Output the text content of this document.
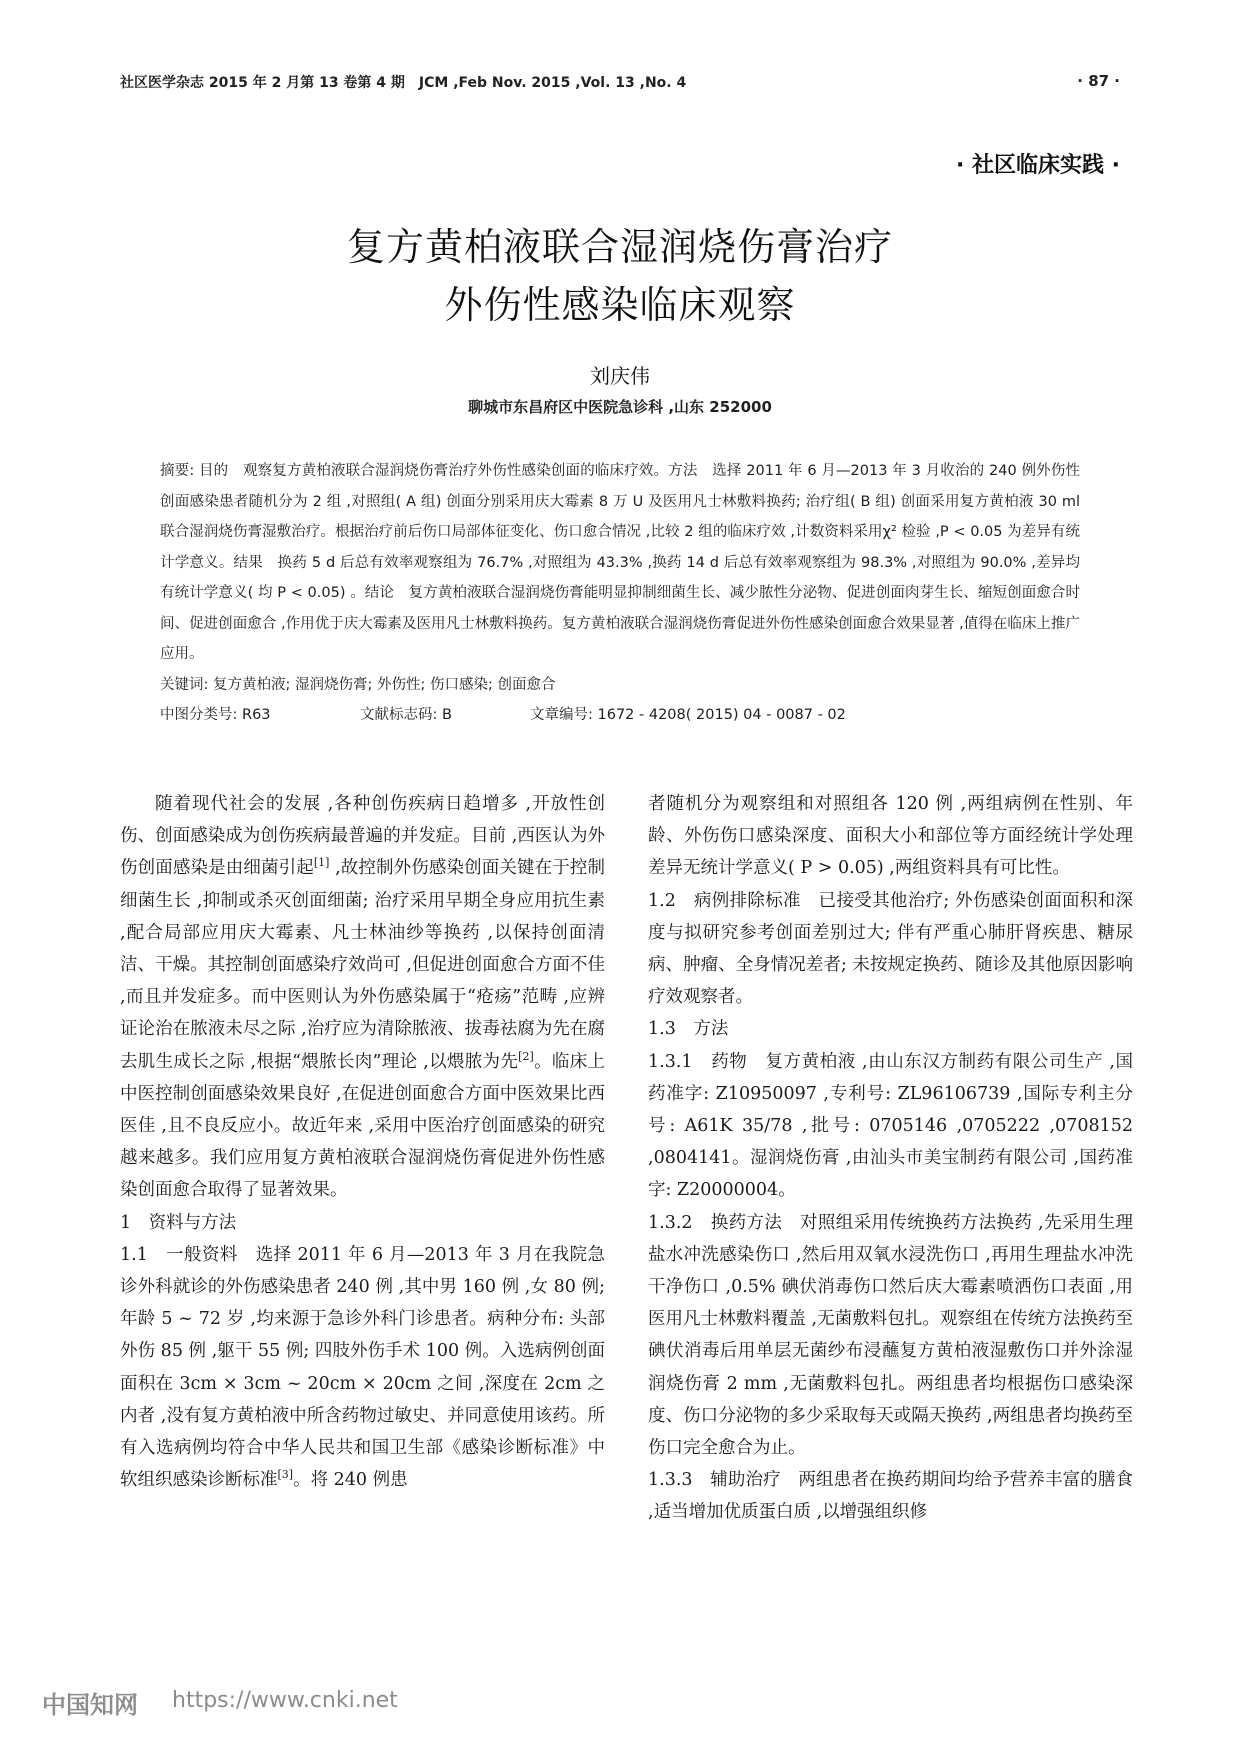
社区医学杂志 2015 年 2 月第 13 卷第 4 期　JCM ,Feb Nov. 2015 ,Vol. 13 ,No. 4	· 87 ·
· 社区临床实践 ·
复方黄柏液联合湿润烧伤膏治疗
外伤性感染临床观察
刘庆伟
聊城市东昌府区中医院急诊科 ,山东 252000

摘要: 目的　观察复方黄柏液联合湿润烧伤膏治疗外伤性感染创面的临床疗效。方法　选择 2011 年 6 月—2013 年 3 月收治的 240 例外伤性创面感染患者随机分为 2 组 ,对照组( A 组) 创面分别采用庆大霉素 8 万 U 及医用凡士林敷料换药; 治疗组( B 组) 创面采用复方黄柏液 30 ml 联合湿润烧伤膏湿敷治疗。根据治疗前后伤口局部体征变化、伤口愈合情况 ,比较 2 组的临床疗效 ,计数资料采用χ² 检验 ,P < 0.05 为差异有统计学意义。结果　换药 5 d 后总有效率观察组为 76.7% ,对照组为 43.3% ,换药 14 d 后总有效率观察组为 98.3% ,对照组为 90.0% ,差异均有统计学意义( 均 P < 0.05) 。结论　复方黄柏液联合湿润烧伤膏能明显抑制细菌生长、减少脓性分泌物、促进创面肉芽生长、缩短创面愈合时间、促进创面愈合 ,作用优于庆大霉素及医用凡士林敷料换药。复方黄柏液联合湿润烧伤膏促进外伤性感染创面愈合效果显著 ,值得在临床上推广应用。

关键词: 复方黄柏液; 湿润烧伤膏; 外伤性; 伤口感染; 创面愈合

中图分类号: R63	文献标志码: B	文章编号: 1672 - 4208( 2015) 04 - 0087 - 02

随着现代社会的发展 ,各种创伤疾病日趋增多 ,开放性创伤、创面感染成为创伤疾病最普遍的并发症。目前 ,西医认为外伤创面感染是由细菌引起[1] ,故控制外伤感染创面关键在于控制细菌生长 ,抑制或杀灭创面细菌; 治疗采用早期全身应用抗生素 ,配合局部应用庆大霉素、凡士林油纱等换药 ,以保持创面清洁、干燥。其控制创面感染疗效尚可 ,但促进创面愈合方面不佳 ,而且并发症多。而中医则认为外伤感染属于“疮疡”范畴 ,应辨证论治在脓液未尽之际 ,治疗应为清除脓液、拔毒祛腐为先在腐去肌生成长之际 ,根据“煨脓长肉”理论 ,以煨脓为先[2]。临床上中医控制创面感染效果良好 ,在促进创面愈合方面中医效果比西医佳 ,且不良反应小。故近年来 ,采用中医治疗创面感染的研究越来越多。我们应用复方黄柏液联合湿润烧伤膏促进外伤性感染创面愈合取得了显著效果。

1　资料与方法

1.1　一般资料　选择 2011 年 6 月—2013 年 3 月在我院急诊外科就诊的外伤感染患者 240 例 ,其中男 160 例 ,女 80 例; 年龄 5 ~ 72 岁 ,均来源于急诊外科门诊患者。病种分布: 头部外伤 85 例 ,躯干 55 例; 四肢外伤手术 100 例。入选病例创面面积在 3cm × 3cm ~ 20cm × 20cm 之间 ,深度在 2cm 之内者 ,没有复方黄柏液中所含药物过敏史、并同意使用该药。所有入选病例均符合中华人民共和国卫生部《感染诊断标准》中软组织感染诊断标准[3]。将 240 例患

者随机分为观察组和对照组各 120 例 ,两组病例在性别、年龄、外伤伤口感染深度、面积大小和部位等方面经统计学处理差异无统计学意义( P > 0.05) ,两组资料具有可比性。

1.2　病例排除标准　已接受其他治疗; 外伤感染创面面积和深度与拟研究参考创面差别过大; 伴有严重心肺肝肾疾患、糖尿病、肿瘤、全身情况差者; 未按规定换药、随诊及其他原因影响疗效观察者。

1.3　方法

1.3.1　药物　复方黄柏液 ,由山东汉方制药有限公司生产 ,国药准字: Z10950097 ,专利号: ZL96106739 ,国际专利主分号: A61K 35/78 ,批号: 0705146 ,0705222 ,0708152 ,0804141。湿润烧伤膏 ,由汕头市美宝制药有限公司 ,国药准字: Z20000004。

1.3.2　换药方法　对照组采用传统换药方法换药 ,先采用生理盐水冲洗感染伤口 ,然后用双氧水浸洗伤口 ,再用生理盐水冲洗干净伤口 ,0.5% 碘伏消毒伤口然后庆大霉素喷洒伤口表面 ,用医用凡士林敷料覆盖 ,无菌敷料包扎。观察组在传统方法换药至碘伏消毒后用单层无菌纱布浸蘸复方黄柏液湿敷伤口并外涂湿润烧伤膏 2 mm ,无菌敷料包扎。两组患者均根据伤口感染深度、伤口分泌物的多少采取每天或隔天换药 ,两组患者均换药至伤口完全愈合为止。

1.3.3　辅助治疗　两组患者在换药期间均给予营养丰富的膳食 ,适当增加优质蛋白质 ,以增强组织修

中国知网 https://www.cnki.net
